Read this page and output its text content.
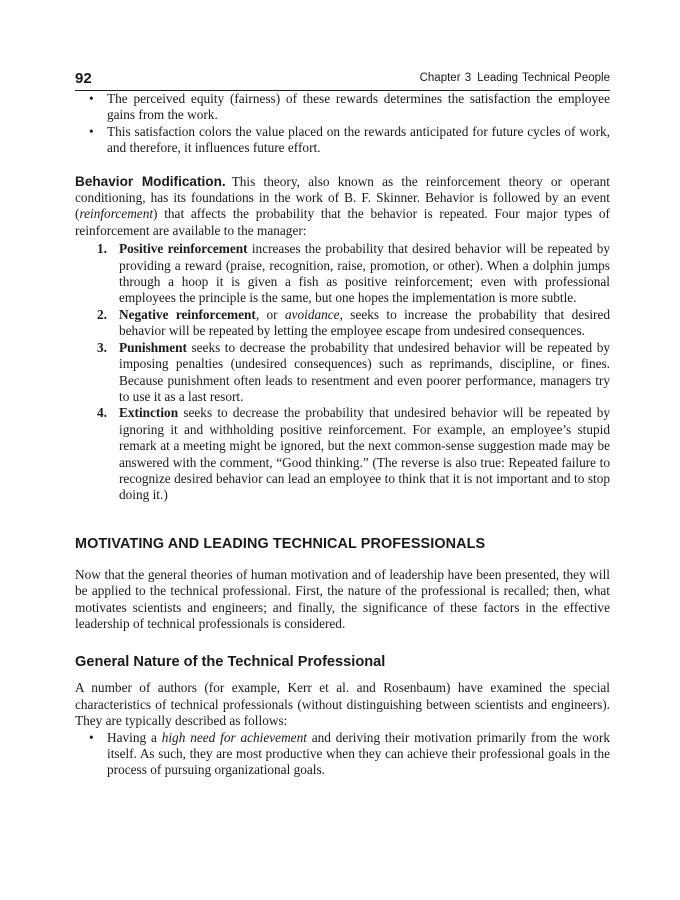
92	Chapter 3 Leading Technical People
• The perceived equity (fairness) of these rewards determines the satisfaction the employee gains from the work.
• This satisfaction colors the value placed on the rewards anticipated for future cycles of work, and therefore, it influences future effort.

Behavior Modification. This theory, also known as the reinforcement theory or operant conditioning, has its foundations in the work of B. F. Skinner. Behavior is followed by an event (reinforcement) that affects the probability that the behavior is repeated. Four major types of reinforcement are available to the manager:

1. Positive reinforcement increases the probability that desired behavior will be repeated by providing a reward (praise, recognition, raise, promotion, or other). When a dolphin jumps through a hoop it is given a fish as positive reinforcement; even with professional employees the principle is the same, but one hopes the implementation is more subtle.
2. Negative reinforcement, or avoidance, seeks to increase the probability that desired behavior will be repeated by letting the employee escape from undesired consequences.
3. Punishment seeks to decrease the probability that undesired behavior will be repeated by imposing penalties (undesired consequences) such as reprimands, discipline, or fines. Because punishment often leads to resentment and even poorer performance, managers try to use it as a last resort.
4. Extinction seeks to decrease the probability that undesired behavior will be repeated by ignoring it and withholding positive reinforcement. For example, an employee’s stupid remark at a meeting might be ignored, but the next common-sense suggestion made may be answered with the comment, “Good thinking.” (The reverse is also true: Repeated failure to recognize desired behavior can lead an employee to think that it is not important and to stop doing it.)
MOTIVATING AND LEADING TECHNICAL PROFESSIONALS

Now that the general theories of human motivation and of leadership have been presented, they will be applied to the technical professional. First, the nature of the professional is recalled; then, what motivates scientists and engineers; and finally, the significance of these factors in the effective leadership of technical professionals is considered.

General Nature of the Technical Professional

A number of authors (for example, Kerr et al. and Rosenbaum) have examined the special characteristics of technical professionals (without distinguishing between scientists and engineers). They are typically described as follows:

• Having a high need for achievement and deriving their motivation primarily from the work itself. As such, they are most productive when they can achieve their professional goals in the process of pursuing organizational goals.
